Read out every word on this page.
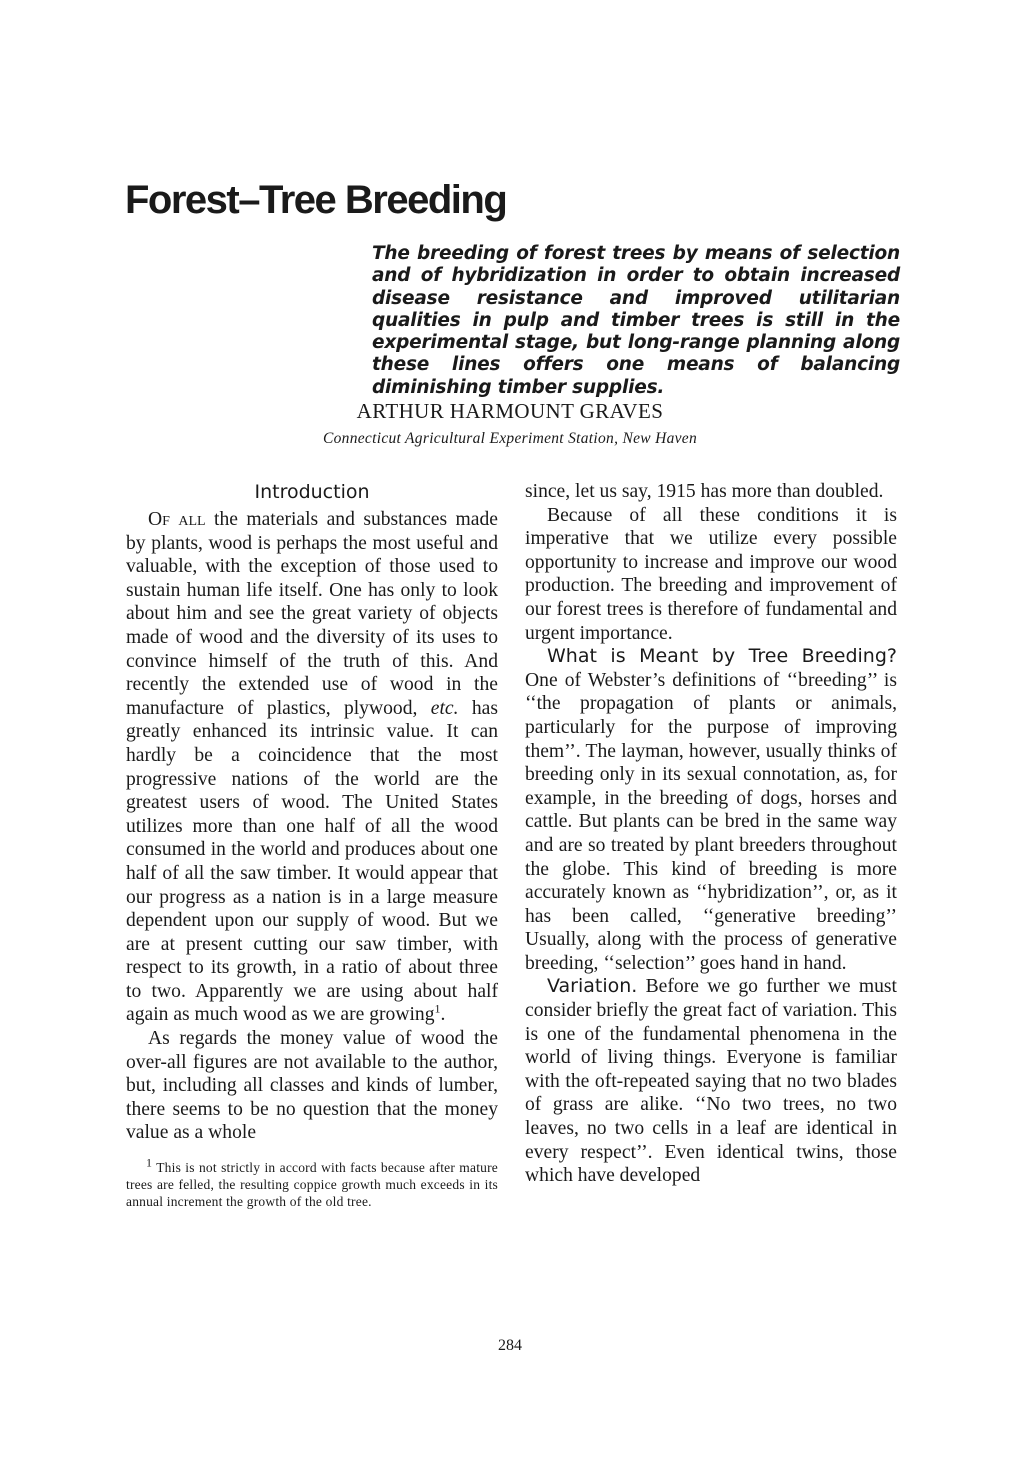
Forest–Tree Breeding

The breeding of forest trees by means of selection and of hybridization in order to obtain increased disease resistance and improved utilitarian qualities in pulp and timber trees is still in the experimental stage, but long-range planning along these lines offers one means of balancing diminishing timber supplies.

ARTHUR HARMOUNT GRAVES

Connecticut Agricultural Experiment Station, New Haven

Introduction

Of all the materials and substances made by plants, wood is perhaps the most useful and valuable, with the exception of those used to sustain human life itself. One has only to look about him and see the great variety of objects made of wood and the diversity of its uses to convince himself of the truth of this. And recently the extended use of wood in the manufacture of plastics, plywood, etc. has greatly enhanced its intrinsic value. It can hardly be a coincidence that the most progressive nations of the world are the greatest users of wood. The United States utilizes more than one half of all the wood consumed in the world and produces about one half of all the saw timber. It would appear that our progress as a nation is in a large measure dependent upon our supply of wood. But we are at present cutting our saw timber, with respect to its growth, in a ratio of about three to two. Apparently we are using about half again as much wood as we are growing$^1$.

As regards the money value of wood the over-all figures are not available to the author, but, including all classes and kinds of lumber, there seems to be no question that the money value as a whole

$^1$ This is not strictly in accord with facts because after mature trees are felled, the resulting coppice growth much exceeds in its annual increment the growth of the old tree.

since, let us say, 1915 has more than doubled.

Because of all these conditions it is imperative that we utilize every possible opportunity to increase and improve our wood production. The breeding and improvement of our forest trees is therefore of fundamental and urgent importance.

What is Meant by Tree Breeding? One of Webster’s definitions of ‘‘breeding’’ is ‘‘the propagation of plants or animals, particularly for the purpose of improving them’’. The layman, however, usually thinks of breeding only in its sexual connotation, as, for example, in the breeding of dogs, horses and cattle. But plants can be bred in the same way and are so treated by plant breeders throughout the globe. This kind of breeding is more accurately known as ‘‘hybridization’’, or, as it has been called, ‘‘generative breeding’’ Usually, along with the process of generative breeding, ‘‘selection’’ goes hand in hand.

Variation. Before we go further we must consider briefly the great fact of variation. This is one of the fundamental phenomena in the world of living things. Everyone is familiar with the oft-repeated saying that no two blades of grass are alike. ‘‘No two trees, no two leaves, no two cells in a leaf are identical in every respect’’. Even identical twins, those which have developed

284
